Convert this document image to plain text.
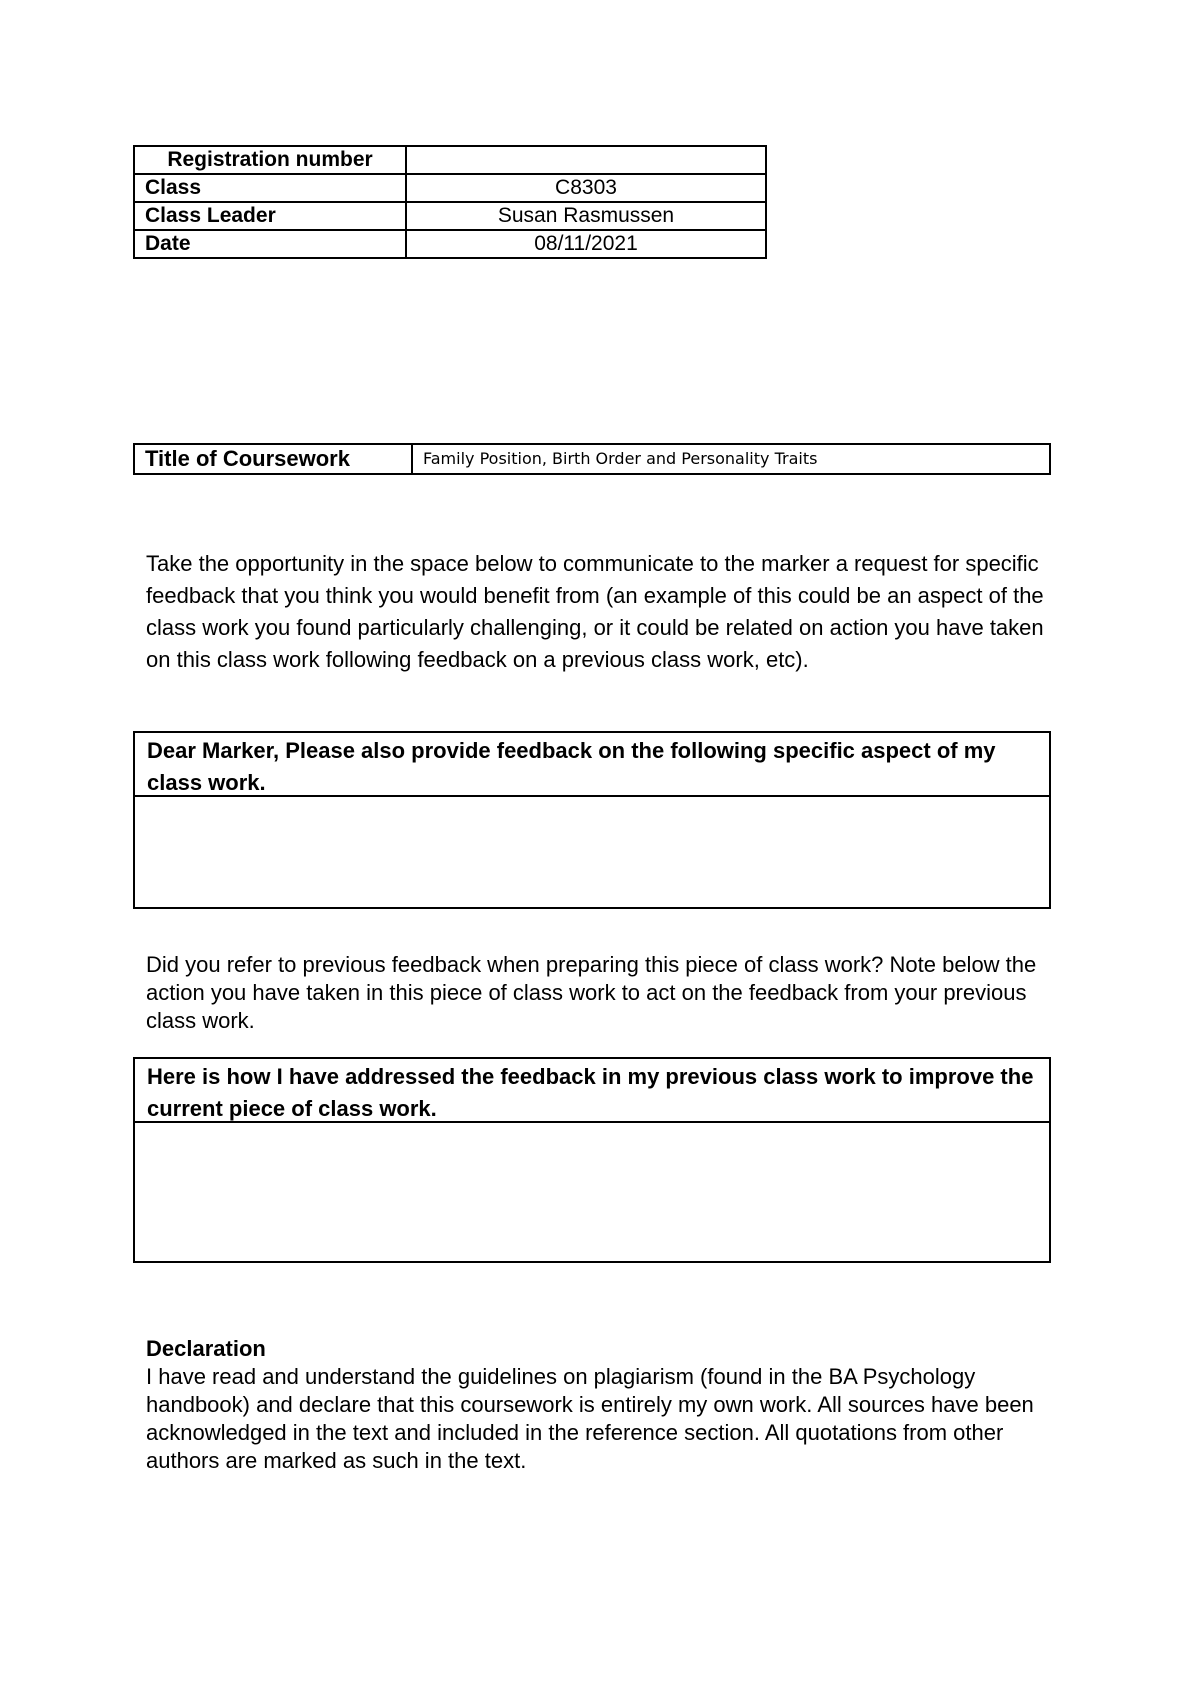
Registration number	
Class	C8303
Class Leader	Susan Rasmussen
Date	08/11/2021
Title of Coursework	Family Position, Birth Order and Personality Traits

Take the opportunity in the space below to communicate to the marker a request for specific feedback that you think you would benefit from (an example of this could be an aspect of the class work you found particularly challenging, or it could be related on action you have taken on this class work following feedback on a previous class work, etc).

Dear Marker, Please also provide feedback on the following specific aspect of my class work.

Did you refer to previous feedback when preparing this piece of class work? Note below the action you have taken in this piece of class work to act on the feedback from your previous class work.

Here is how I have addressed the feedback in my previous class work to improve the current piece of class work.
Declaration
I have read and understand the guidelines on plagiarism (found in the BA Psychology handbook) and declare that this coursework is entirely my own work. All sources have been acknowledged in the text and included in the reference section. All quotations from other authors are marked as such in the text.
